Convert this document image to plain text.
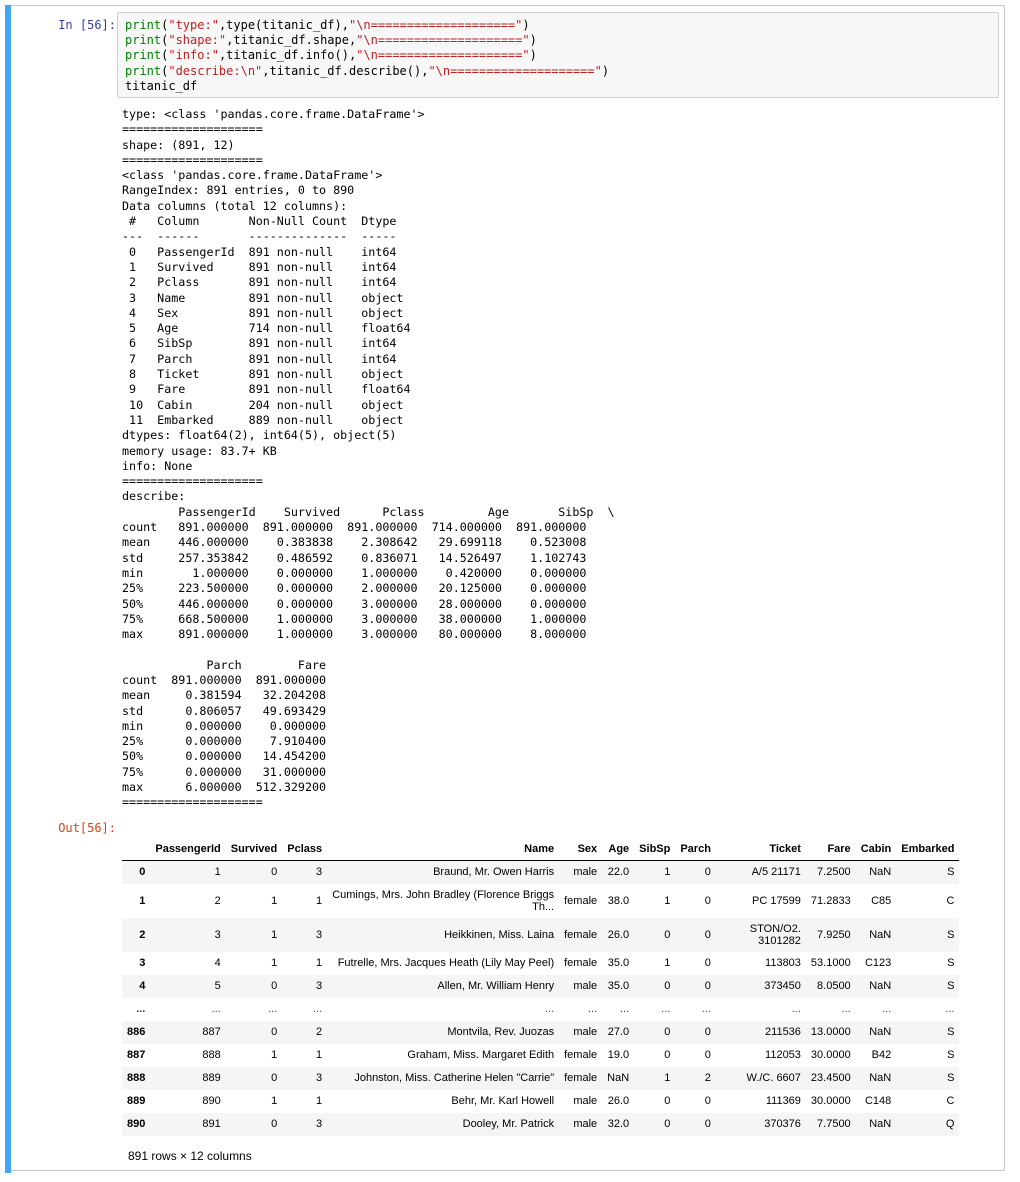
In [56]: print("type:",type(titanic_df),"\n====================")
print("shape:",titanic_df.shape,"\n====================")
print("info:",titanic_df.info(),"\n====================")
print("describe:\n",titanic_df.describe(),"\n====================")
titanic_df
type: <class 'pandas.core.frame.DataFrame'>
====================
shape: (891, 12)
====================
<class 'pandas.core.frame.DataFrame'>
RangeIndex: 891 entries, 0 to 890
Data columns (total 12 columns):
#   Column       Non-Null Count  Dtype
---  ------       --------------  -----
0   PassengerId  891 non-null    int64
1   Survived     891 non-null    int64
2   Pclass       891 non-null    int64
3   Name         891 non-null    object
4   Sex          891 non-null    object
5   Age          714 non-null    float64
6   SibSp        891 non-null    int64
7   Parch        891 non-null    int64
8   Ticket       891 non-null    object
9   Fare         891 non-null    float64
10  Cabin        204 non-null    object
11  Embarked     889 non-null    object
dtypes: float64(2), int64(5), object(5)
memory usage: 83.7+ KB
info: None
====================
describe:
PassengerId    Survived      Pclass         Age       SibSp  \
count   891.000000  891.000000  891.000000  714.000000  891.000000
mean    446.000000    0.383838    2.308642   29.699118    0.523008
std     257.353842    0.486592    0.836071   14.526497    1.102743
min       1.000000    0.000000    1.000000    0.420000    0.000000
25%     223.500000    0.000000    2.000000   20.125000    0.000000
50%     446.000000    0.000000    3.000000   28.000000    0.000000
75%     668.500000    1.000000    3.000000   38.000000    1.000000
max     891.000000    1.000000    3.000000   80.000000    8.000000

Parch        Fare
count  891.000000  891.000000
mean     0.381594   32.204208
std      0.806057   49.693429
min      0.000000    0.000000
25%      0.000000    7.910400
50%      0.000000   14.454200
75%      0.000000   31.000000
max      6.000000  512.329200
====================
Out[56]:
	PassengerId	Survived	Pclass	Name	Sex	Age	SibSp	Parch	Ticket	Fare	Cabin	Embarked
0	1	0	3	Braund, Mr. Owen Harris	male	22.0	1	0	A/5 21171	7.2500	NaN	S
1	2	1	1	Cumings, Mrs. John Bradley (Florence Briggs Th...	female	38.0	1	0	PC 17599	71.2833	C85	C
2	3	1	3	Heikkinen, Miss. Laina	female	26.0	0	0	STON/O2. 3101282	7.9250	NaN	S
3	4	1	1	Futrelle, Mrs. Jacques Heath (Lily May Peel)	female	35.0	1	0	113803	53.1000	C123	S
4	5	0	3	Allen, Mr. William Henry	male	35.0	0	0	373450	8.0500	NaN	S
...	...	...	...	...	...	...	...	...	...	...	...	...
886	887	0	2	Montvila, Rev. Juozas	male	27.0	0	0	211536	13.0000	NaN	S
887	888	1	1	Graham, Miss. Margaret Edith	female	19.0	0	0	112053	30.0000	B42	S
888	889	0	3	Johnston, Miss. Catherine Helen "Carrie"	female	NaN	1	2	W./C. 6607	23.4500	NaN	S
889	890	1	1	Behr, Mr. Karl Howell	male	26.0	0	0	111369	30.0000	C148	C
890	891	0	3	Dooley, Mr. Patrick	male	32.0	0	0	370376	7.7500	NaN	Q
891 rows × 12 columns
